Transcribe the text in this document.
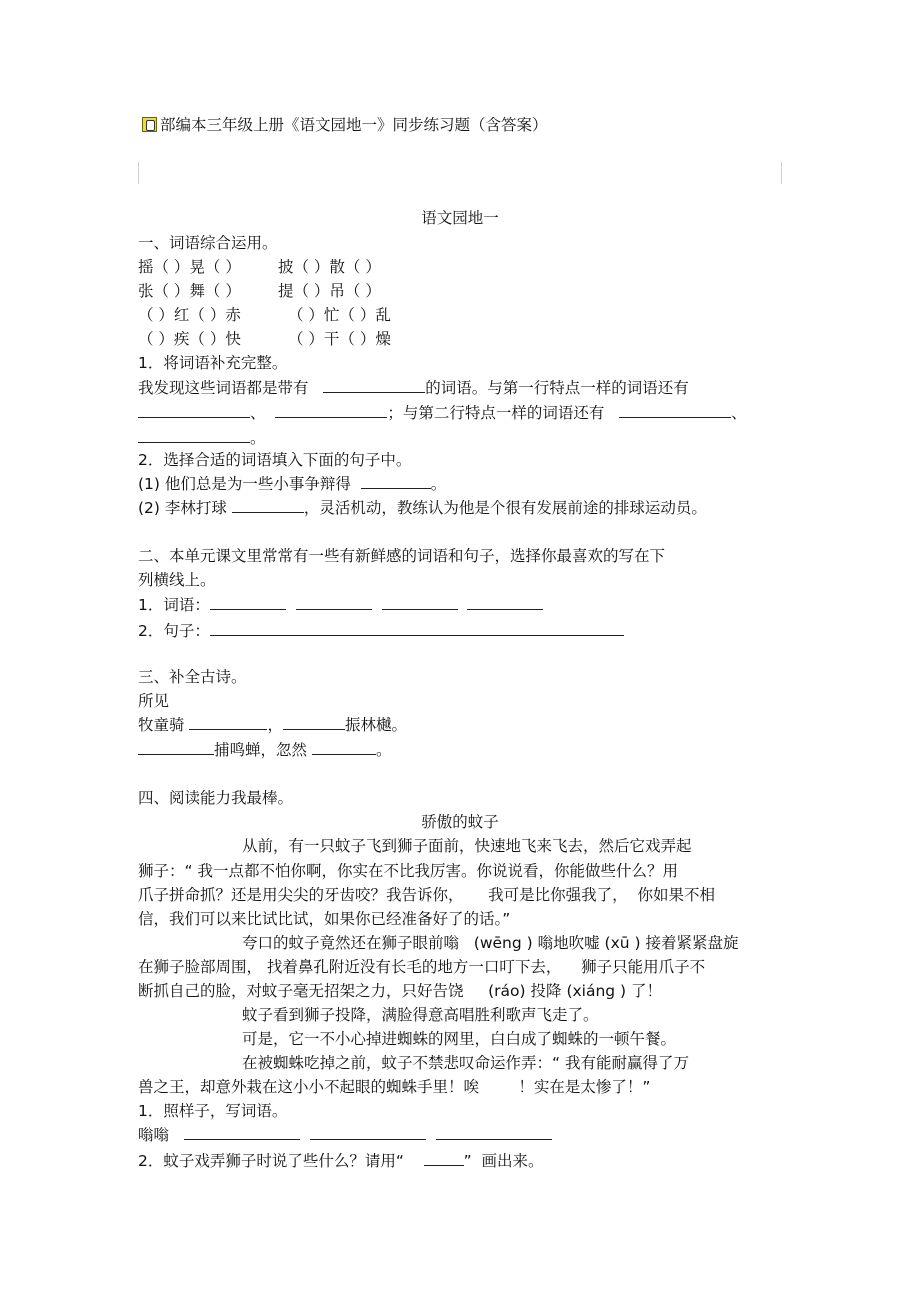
部编本三年级上册《语文园地一》同步练习题（含答案）
语文园地一
一、词语综合运用。
摇（ ）晃（ ） 披（ ）散（ ）
张（ ）舞（ ） 提（ ）吊（ ）
（ ）红（ ）赤	（ ）忙（ ）乱
（ ）疾（ ）快	（ ）干（ ）燥
1．将词语补充完整。
我发现这些词语都是带有	的词语。与第一行特点一样的词语还有
、	；与第二行特点一样的词语还有	、
。
2．选择合适的词语填入下面的句子中。
(1) 他们总是为一些小事争辩得	。
(2) 李林打球	，灵活机动，教练认为他是个很有发展前途的排球运动员。
二、本单元课文里常常有一些有新鲜感的词语和句子，选择你最喜欢的写在下
列横线上。
1．词语：
2．句子：
三、补全古诗。
所见
牧童骑	，	振林樾。
捕鸣蝉，忽然	。
四、阅读能力我最棒。
骄傲的蚊子
从前，有一只蚊子飞到狮子面前，快速地飞来飞去，然后它戏弄起
狮子：“ 我一点都不怕你啊，你实在不比我厉害。你说说看，你能做些什么？用
爪子拼命抓？还是用尖尖的牙齿咬？我告诉你，     我可是比你强我了，  你如果不相
信，我们可以来比试比试，如果你已经准备好了的话。”
夸口的蚊子竟然还在狮子眼前嗡   (wēng ) 嗡地吹嘘 (xū ) 接着紧紧盘旋
在狮子脸部周围， 找着鼻孔附近没有长毛的地方一口叮下去，    狮子只能用爪子不
断抓自己的脸，对蚊子毫无招架之力，只好告饶     (ráo) 投降 (xiáng ) 了！
蚊子看到狮子投降，满脸得意高唱胜利歌声飞走了。
可是，它一不小心掉进蜘蛛的网里，白白成了蜘蛛的一顿午餐。
在被蜘蛛吃掉之前，蚊子不禁悲叹命运作弄：“ 我有能耐赢得了万
兽之王，却意外栽在这小小不起眼的蜘蛛手里！唉        ！实在是太惨了！”
1．照样子，写词语。
嗡嗡
2．蚊子戏弄狮子时说了些什么？请用“	”  画出来。
